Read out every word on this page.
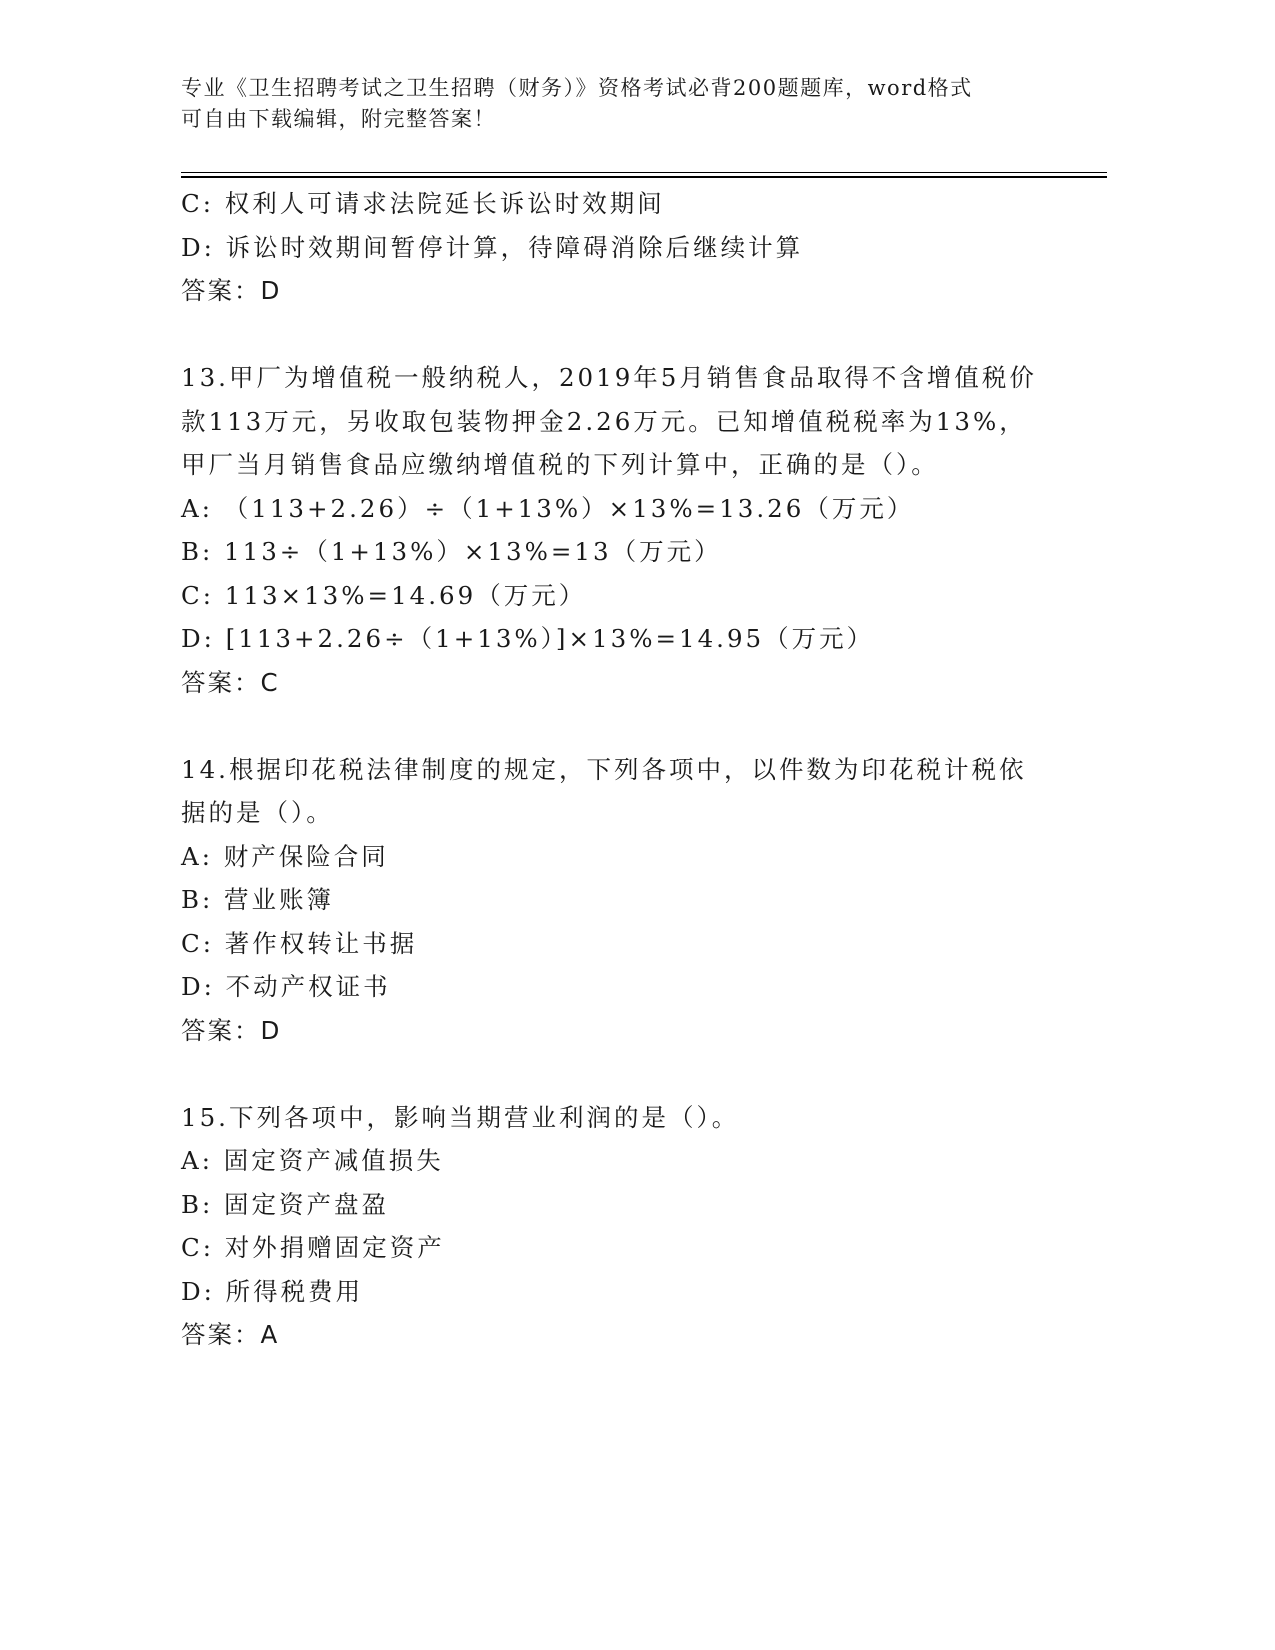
专业《卫生招聘考试之卫生招聘（财务）》资格考试必背200题题库，word格式
可自由下载编辑，附完整答案！
C: 权利人可请求法院延长诉讼时效期间
D: 诉讼时效期间暂停计算，待障碍消除后继续计算
答案：D
13.甲厂为增值税一般纳税人，2019年5月销售食品取得不含增值税价
款113万元，另收取包装物押金2.26万元。已知增值税税率为13%，
甲厂当月销售食品应缴纳增值税的下列计算中，正确的是（）。
A: （113+2.26）÷（1+13%）×13%=13.26（万元）
B: 113÷（1+13%）×13%=13（万元）
C: 113×13%=14.69（万元）
D: [113+2.26÷（1+13%）]×13%=14.95（万元）
答案：C
14.根据印花税法律制度的规定，下列各项中，以件数为印花税计税依
据的是（）。
A: 财产保险合同
B: 营业账簿
C: 著作权转让书据
D: 不动产权证书
答案：D
15.下列各项中，影响当期营业利润的是（）。
A: 固定资产减值损失
B: 固定资产盘盈
C: 对外捐赠固定资产
D: 所得税费用
答案：A
